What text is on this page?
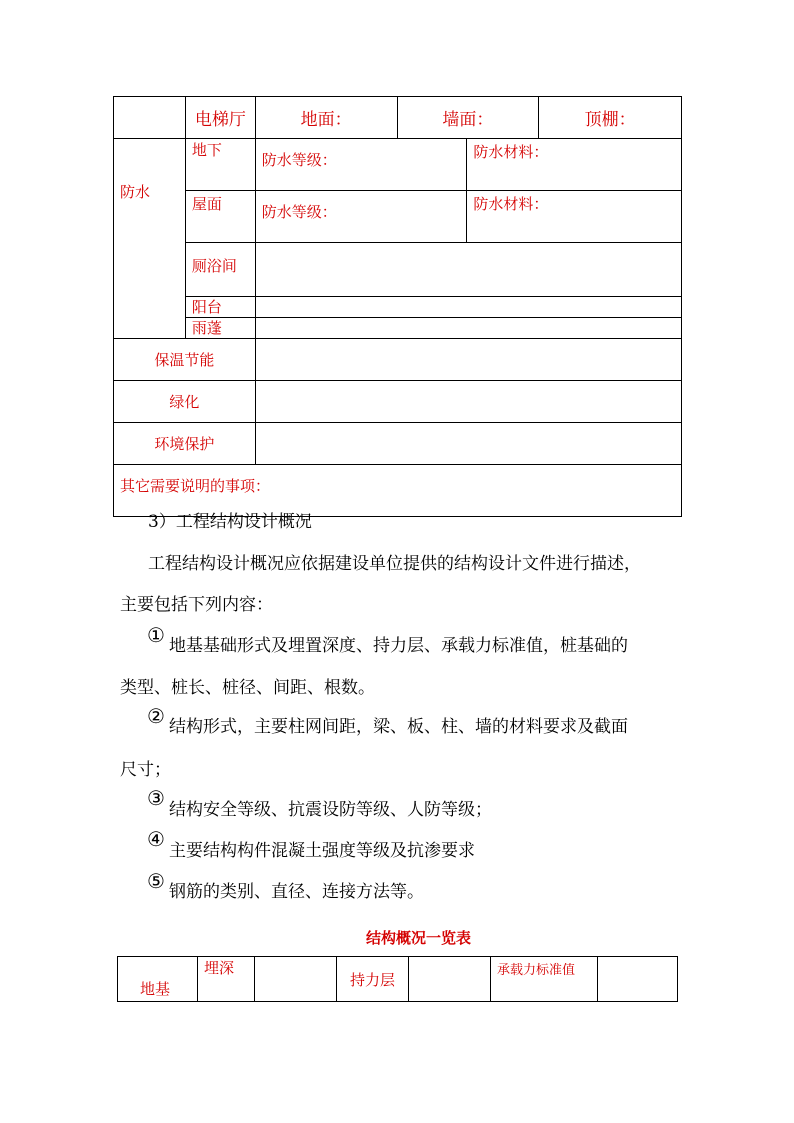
	电梯厅	地面：	墙面：		顶棚：
防水	地下	防水等级：		防水材料：	
	屋面	防水等级：		防水材料：	
	厕浴间				
	阳台				
	雨蓬				
保温节能					
绿化					
环境保护					
其它需要说明的事项：					
3）工程结构设计概况
工程结构设计概况应依据建设单位提供的结构设计文件进行描述，
主要包括下列内容：
① 地基基础形式及埋置深度、持力层、承载力标准值，桩基础的
类型、桩长、桩径、间距、根数。
② 结构形式，主要柱网间距，梁、板、柱、墙的材料要求及截面
尺寸；
③ 结构安全等级、抗震设防等级、人防等级；
④ 主要结构构件混凝土强度等级及抗渗要求
⑤ 钢筋的类别、直径、连接方法等。
结构概况一览表
地基	埋深		持力层		承载力标准值	
